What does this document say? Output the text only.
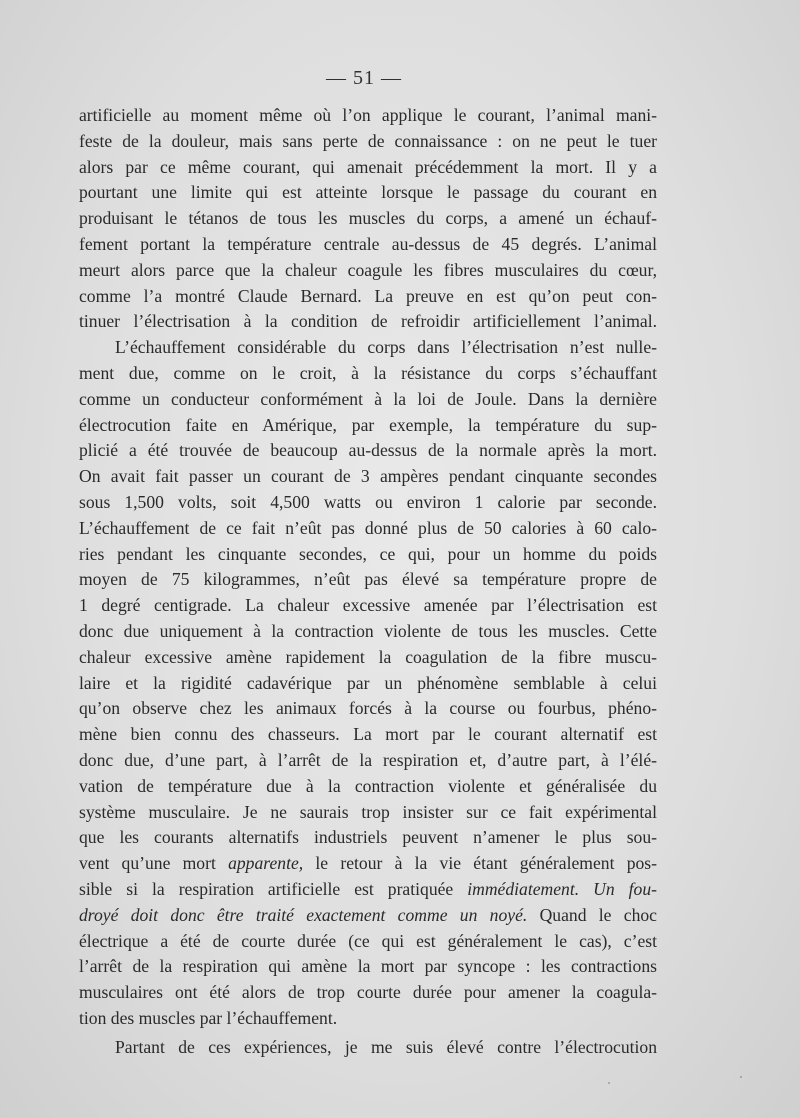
— 51 —
artificielle au moment même où l’on applique le courant, l’animal mani-
feste de la douleur, mais sans perte de connaissance : on ne peut le tuer
alors par ce même courant, qui amenait précédemment la mort. Il y a
pourtant une limite qui est atteinte lorsque le passage du courant en
produisant le tétanos de tous les muscles du corps, a amené un échauf-
fement portant la température centrale au-dessus de 45 degrés. L’animal
meurt alors parce que la chaleur coagule les fibres musculaires du cœur,
comme l’a montré Claude Bernard. La preuve en est qu’on peut con-
tinuer l’électrisation à la condition de refroidir artificiellement l’animal.
L’échauffement considérable du corps dans l’électrisation n’est nulle-
ment due, comme on le croit, à la résistance du corps s’échauffant
comme un conducteur conformément à la loi de Joule. Dans la dernière
électrocution faite en Amérique, par exemple, la température du sup-
plicié a été trouvée de beaucoup au-dessus de la normale après la mort.
On avait fait passer un courant de 3 ampères pendant cinquante secondes
sous 1,500 volts, soit 4,500 watts ou environ 1 calorie par seconde.
L’échauffement de ce fait n’eût pas donné plus de 50 calories à 60 calo-
ries pendant les cinquante secondes, ce qui, pour un homme du poids
moyen de 75 kilogrammes, n’eût pas élevé sa température propre de
1 degré centigrade. La chaleur excessive amenée par l’électrisation est
donc due uniquement à la contraction violente de tous les muscles. Cette
chaleur excessive amène rapidement la coagulation de la fibre muscu-
laire et la rigidité cadavérique par un phénomène semblable à celui
qu’on observe chez les animaux forcés à la course ou fourbus, phéno-
mène bien connu des chasseurs. La mort par le courant alternatif est
donc due, d’une part, à l’arrêt de la respiration et, d’autre part, à l’élé-
vation de température due à la contraction violente et généralisée du
système musculaire. Je ne saurais trop insister sur ce fait expérimental
que les courants alternatifs industriels peuvent n’amener le plus sou-
vent qu’une mort apparente, le retour à la vie étant généralement pos-
sible si la respiration artificielle est pratiquée immédiatement. Un fou-
droyé doit donc être traité exactement comme un noyé. Quand le choc
électrique a été de courte durée (ce qui est généralement le cas), c’est
l’arrêt de la respiration qui amène la mort par syncope : les contractions
musculaires ont été alors de trop courte durée pour amener la coagula-
tion des muscles par l’échauffement.
Partant de ces expériences, je me suis élevé contre l’électrocution
